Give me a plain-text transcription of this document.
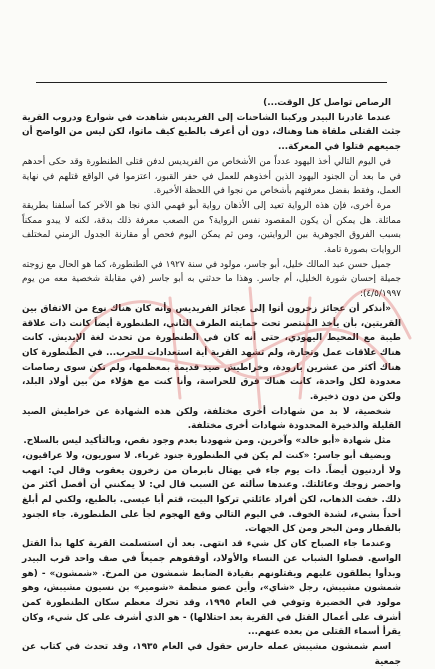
الرصاص تواصل كل الوقت...)

عندما غادرنا البيدر وركبنا الشاحنات إلى الفريديس شاهدت في شوارع ودروب القرية جثث القتلى ملقاة هنا وهناك، دون أن أعرف بالطبع كيف ماتوا، لكن ليس من الواضح أن جميعهم قتلوا في المعركة...

في اليوم التالي أخذ اليهود عدداً من الأشخاص من الفريديس لدفن قتلى الطنطورة وقد حكى أحدهم في ما بعد أن الجنود اليهود الذين أخذوهم للعمل في حفر القبور، اعتزموا في الواقع قتلهم في نهاية العمل، وفقط بفضل معرفتهم بأشخاص من نجوا في اللحظة الأخيرة.

مرة أخرى، فإن هذه الرواية تعيد إلى الأذهان رواية أبو فهمي الذي نجا هو الآخر كما أسلفنا بطريقة مماثلة. هل يمكن أن يكون المقصود نفس الرواية؟ من الصعب معرفة ذلك بدقة، لكنه لا يبدو ممكناً بسبب الفروق الجوهرية بين الروايتين، ومن ثم يمكن اليوم فحص أو مقارنة الجدول الزمني لمختلف الروايات بصورة تامة.

جميل حسن عبد المالك خليل، أبو جاسر، مولود في سنة ١٩٢٧ في الطنطورة، كما هو الحال مع زوجته جميلة إحسان شورة الخليل، أم جاسر. وهذا ما حدثني به أبو جاسر (في مقابلة شخصية معه من يوم ٤/٥/١٩٩٧):

«أنذكر أن عجائز زخرون أتوا إلى عجائز الفريديس وأنه كان هناك نوع من الاتفاق بين القريتين، بأن يأخذ المنتصر تحت حمايته الطرف الثاني، الطنطورة أيضاً كانت ذات علاقة طيبة مع المحيط اليهودي، حتى أنه كان في الطنطورة من تحدث لغة الإيديش. كانت هناك علاقات عمل وتجارة، ولم تشهد القرية أية استعدادات للحرب... في الطنطورة كان هناك أكثر من عشرين بارودة، وخراطيش صيد قديمة بمعظمها، ولم تكن سوى رصاصات معدودة لكل واحدة، كانت هناك فرق للحراسة، وأنا كنت مع هؤلاء من بين أولاد البلد، ولكن من دون ذخيرة.

شخصية، لا بد من شهادات أخرى مختلفة، ولكن هذه الشهادة عن خراطيش الصيد القليلة والذخيرة المحدودة شهادات أخرى مختلفة.

مثل شهادة «أبو خالد» وآخرين. ومن شهودنا بعدم وجود نقص، وبالتأكيد ليس بالسلاح.

ويضيف أبو جاسر: «كنت لم يكن في الطنطورة جنود غرباء. لا سوريون، ولا عراقيون، ولا أردنيون أيضاً. ذات يوم جاء في يهتال نابرمان من زخرون يعقوب وقال لي: انهب واحضر زوجك وعائلتك. وعندها سألته عن السبب قال لي: لا يمكنني أن أفصل أكثر من ذلك. خفت الذهاب، لكن أفراد عائلتي تركوا البيت، قتم أبا عيسى. بالطبع، ولكني لم أبلغ أحداً بشيء، لشدة الخوف. في اليوم التالي وقع الهجوم لجأ على الطنطورة. جاء الجنود بالقطار ومن البحر ومن كل الجهات.

وعندما جاء الصباح كان كل شيء قد انتهى. بعد أن استسلمت القرية كلها بدأ القتل الواسع. فصلوا الشباب عن النساء والأولاد، أوقفوهم جميعاً في صف واحد قرب البيدر وبدأوا يطلقون عليهم ويقتلونهم بقيادة الضابط شمشون من المرخ. «شمشون» - (هو شمشون مشيبش، رجل «شاي»، وأين عضو منظمة «شومير» بن نسيون مشيبش، وهو مولود في الخضيرة وتوفي في العام ١٩٩٥، وقد تحرك معظم سكان الطنطورة كمن أشرف على أعمال القتل في القرية بعد احتلالها) - هو الذي أشرف على كل شيء، وكان يقرأ أسماء القتلى من بعده عنهم...

اسم شمشون مشيبش عمله حارس حقول في العام ١٩٣٥، وقد تحدث في كتاب عن جمعية
